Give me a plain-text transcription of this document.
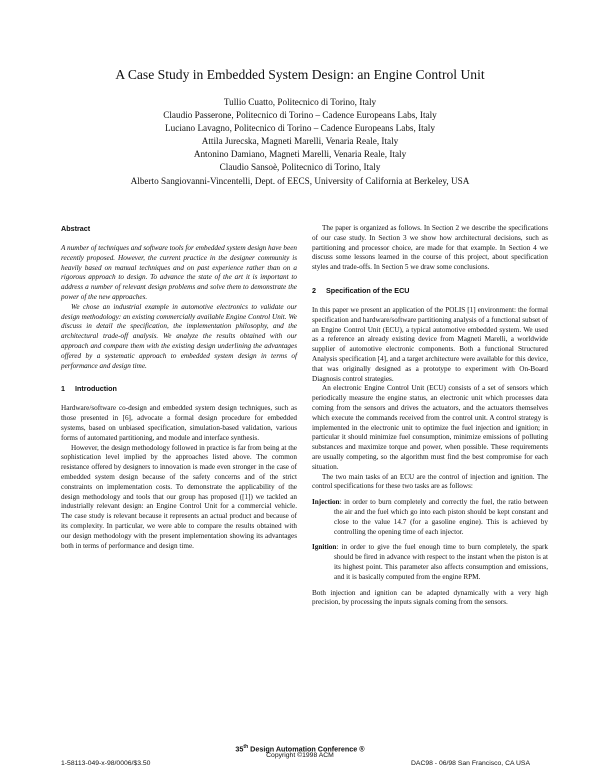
A Case Study in Embedded System Design: an Engine Control Unit
Tullio Cuatto, Politecnico di Torino, Italy
Claudio Passerone, Politecnico di Torino – Cadence Europeans Labs, Italy
Luciano Lavagno, Politecnico di Torino – Cadence Europeans Labs, Italy
Attila Jurecska, Magneti Marelli, Venaria Reale, Italy
Antonino Damiano, Magneti Marelli, Venaria Reale, Italy
Claudio Sansoè, Politecnico di Torino, Italy
Alberto Sangiovanni-Vincentelli, Dept. of EECS, University of California at Berkeley, USA
Abstract

A number of techniques and software tools for embedded system design have been recently proposed. However, the current practice in the designer community is heavily based on manual techniques and on past experience rather than on a rigorous approach to design. To advance the state of the art it is important to address a number of relevant design problems and solve them to demonstrate the power of the new approaches.

We chose an industrial example in automotive electronics to validate our design methodology: an existing commercially available Engine Control Unit. We discuss in detail the specification, the implementation philosophy, and the architectural trade-off analysis. We analyze the results obtained with our approach and compare them with the existing design underlining the advantages offered by a systematic approach to embedded system design in terms of performance and design time.

1 Introduction

Hardware/software co-design and embedded system design techniques, such as those presented in [6], advocate a formal design procedure for embedded systems, based on unbiased specification, simulation-based validation, various forms of automated partitioning, and module and interface synthesis.

However, the design methodology followed in practice is far from being at the sophistication level implied by the approaches listed above. The common resistance offered by designers to innovation is made even stronger in the case of embedded system design because of the safety concerns and of the strict constraints on implementation costs. To demonstrate the applicability of the design methodology and tools that our group has proposed ([1]) we tackled an industrially relevant design: an Engine Control Unit for a commercial vehicle. The case study is relevant because it represents an actual product and because of its complexity. In particular, we were able to compare the results obtained with our design methodology with the present implementation showing its advantages both in terms of performance and design time.

The paper is organized as follows. In Section 2 we describe the specifications of our case study. In Section 3 we show how architectural decisions, such as partitioning and processor choice, are made for that example. In Section 4 we discuss some lessons learned in the course of this project, about specification styles and trade-offs. In Section 5 we draw some conclusions.

2 Specification of the ECU

In this paper we present an application of the POLIS [1] environment: the formal specification and hardware/software partitioning analysis of a functional subset of an Engine Control Unit (ECU), a typical automotive embedded system. We used as a reference an already existing device from Magneti Marelli, a worldwide supplier of automotive electronic components. Both a functional Structured Analysis specification [4], and a target architecture were available for this device, that was originally designed as a prototype to experiment with On-Board Diagnosis control strategies.

An electronic Engine Control Unit (ECU) consists of a set of sensors which periodically measure the engine status, an electronic unit which processes data coming from the sensors and drives the actuators, and the actuators themselves which execute the commands received from the control unit. A control strategy is implemented in the electronic unit to optimize the fuel injection and ignition; in particular it should minimize fuel consumption, minimize emissions of polluting substances and maximize torque and power, when possible. These requirements are usually competing, so the algorithm must find the best compromise for each situation.

The two main tasks of an ECU are the control of injection and ignition. The control specifications for these two tasks are as follows:

Injection: in order to burn completely and correctly the fuel, the ratio between the air and the fuel which go into each piston should be kept constant and close to the value 14.7 (for a gasoline engine). This is achieved by controlling the opening time of each injector.

Ignition: in order to give the fuel enough time to burn completely, the spark should be fired in advance with respect to the instant when the piston is at its highest point. This parameter also affects consumption and emissions, and it is basically computed from the engine RPM.

Both injection and ignition can be adapted dynamically with a very high precision, by processing the inputs signals coming from the sensors.

35th Design Automation Conference ®
Copyright ©1998 ACM
1-58113-049-x-98/0006/$3.50	DAC98 - 06/98 San Francisco, CA USA
